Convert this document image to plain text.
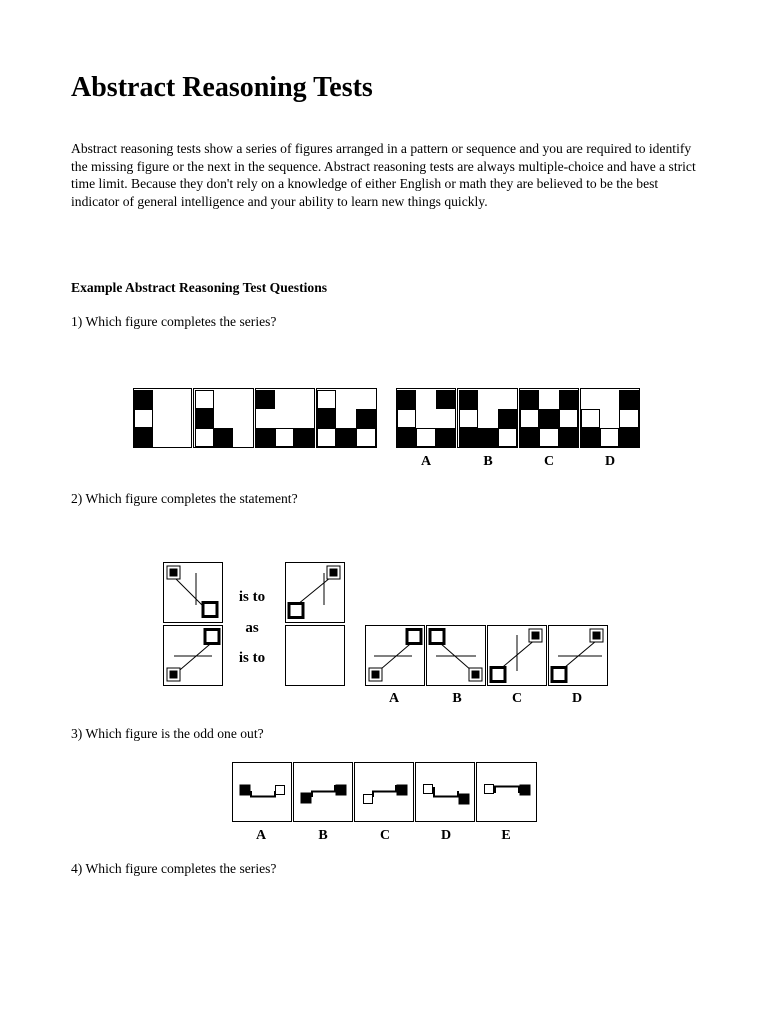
Abstract Reasoning Tests

Abstract reasoning tests show a series of figures arranged in a pattern or sequence and you are required to identify the missing figure or the next in the sequence. Abstract reasoning tests are always multiple-choice and have a strict time limit. Because they don't rely on a knowledge of either English or math they are believed to be the best indicator of general intelligence and your ability to learn new things quickly.

Example Abstract Reasoning Test Questions

1) Which figure completes the series?

A	B	C	D

2) Which figure completes the statement?

is to
as
is to
A	B	C	D

3) Which figure is the odd one out?

A	B	C	D	E

4) Which figure completes the series?
